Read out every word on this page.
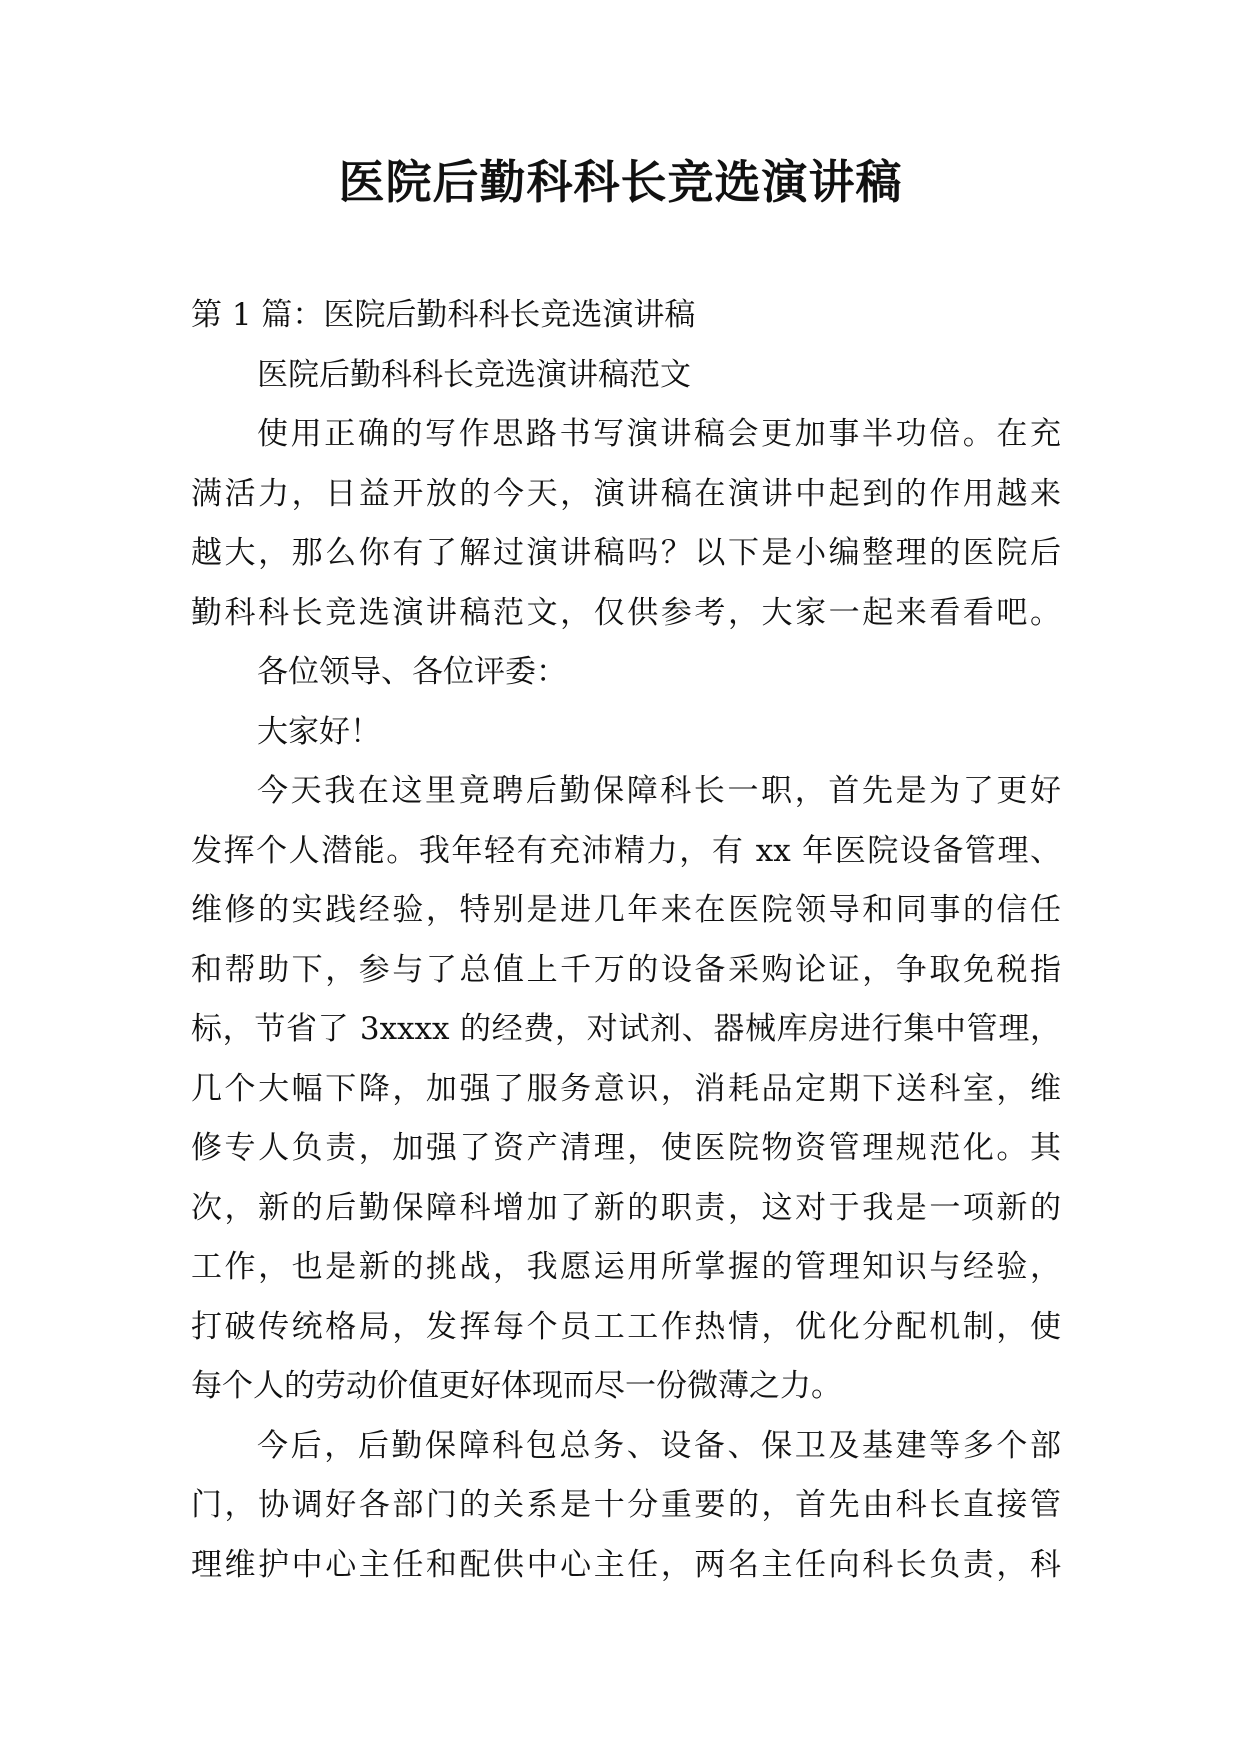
医院后勤科科长竞选演讲稿
第 1 篇：医院后勤科科长竞选演讲稿
医院后勤科科长竞选演讲稿范文
使用正确的写作思路书写演讲稿会更加事半功倍。在充
满活力，日益开放的今天，演讲稿在演讲中起到的作用越来
越大，那么你有了解过演讲稿吗？以下是小编整理的医院后
勤科科长竞选演讲稿范文，仅供参考，大家一起来看看吧。
各位领导、各位评委：
大家好！
今天我在这里竟聘后勤保障科长一职，首先是为了更好
发挥个人潜能。我年轻有充沛精力，有 xx 年医院设备管理、
维修的实践经验，特别是进几年来在医院领导和同事的信任
和帮助下，参与了总值上千万的设备采购论证，争取免税指
标，节省了 3xxxx 的经费，对试剂、器械库房进行集中管理，
几个大幅下降，加强了服务意识，消耗品定期下送科室，维
修专人负责，加强了资产清理，使医院物资管理规范化。其
次，新的后勤保障科增加了新的职责，这对于我是一项新的
工作，也是新的挑战，我愿运用所掌握的管理知识与经验，
打破传统格局，发挥每个员工工作热情，优化分配机制，使
每个人的劳动价值更好体现而尽一份微薄之力。
今后，后勤保障科包总务、设备、保卫及基建等多个部
门，协调好各部门的关系是十分重要的，首先由科长直接管
理维护中心主任和配供中心主任，两名主任向科长负责，科
